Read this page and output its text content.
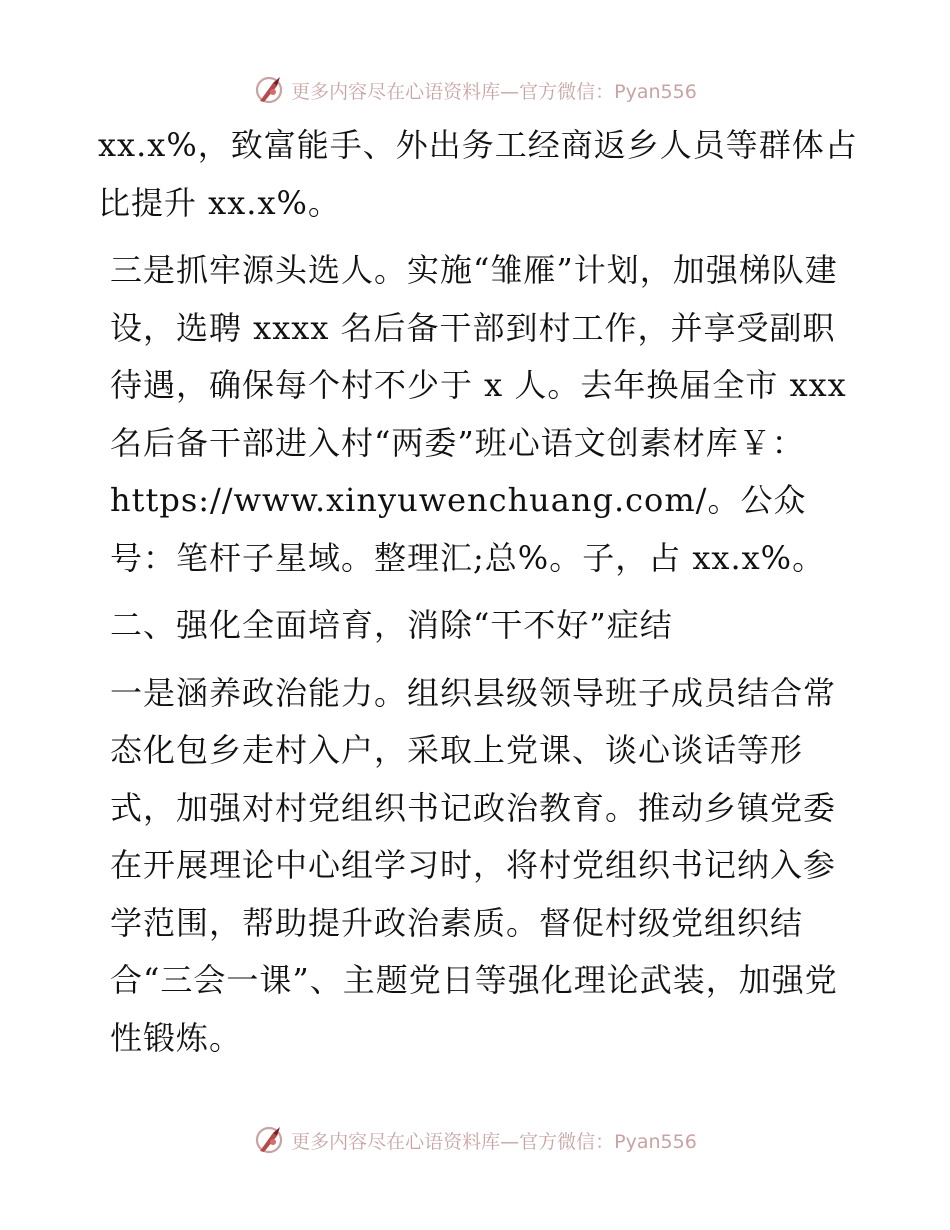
更多内容尽在心语资料库—官方微信：Pyan556

xx.x%，致富能手、外出务工经商返乡人员等群体占比提升 xx.x%。

三是抓牢源头选人。实施“雏雁”计划，加强梯队建设，选聘 xxxx 名后备干部到村工作，并享受副职待遇，确保每个村不少于 x 人。去年换届全市 xxx 名后备干部进入村“两委”班心语文创素材库￥：https://www.xinyuwenchuang.com/。公众号：笔杆子星域。整理汇;总%。子，占 xx.x%。

二、强化全面培育，消除“干不好”症结

一是涵养政治能力。组织县级领导班子成员结合常态化包乡走村入户，采取上党课、谈心谈话等形式，加强对村党组织书记政治教育。推动乡镇党委在开展理论中心组学习时，将村党组织书记纳入参学范围，帮助提升政治素质。督促村级党组织结合“三会一课”、主题党日等强化理论武装，加强党性锻炼。

更多内容尽在心语资料库—官方微信：Pyan556
